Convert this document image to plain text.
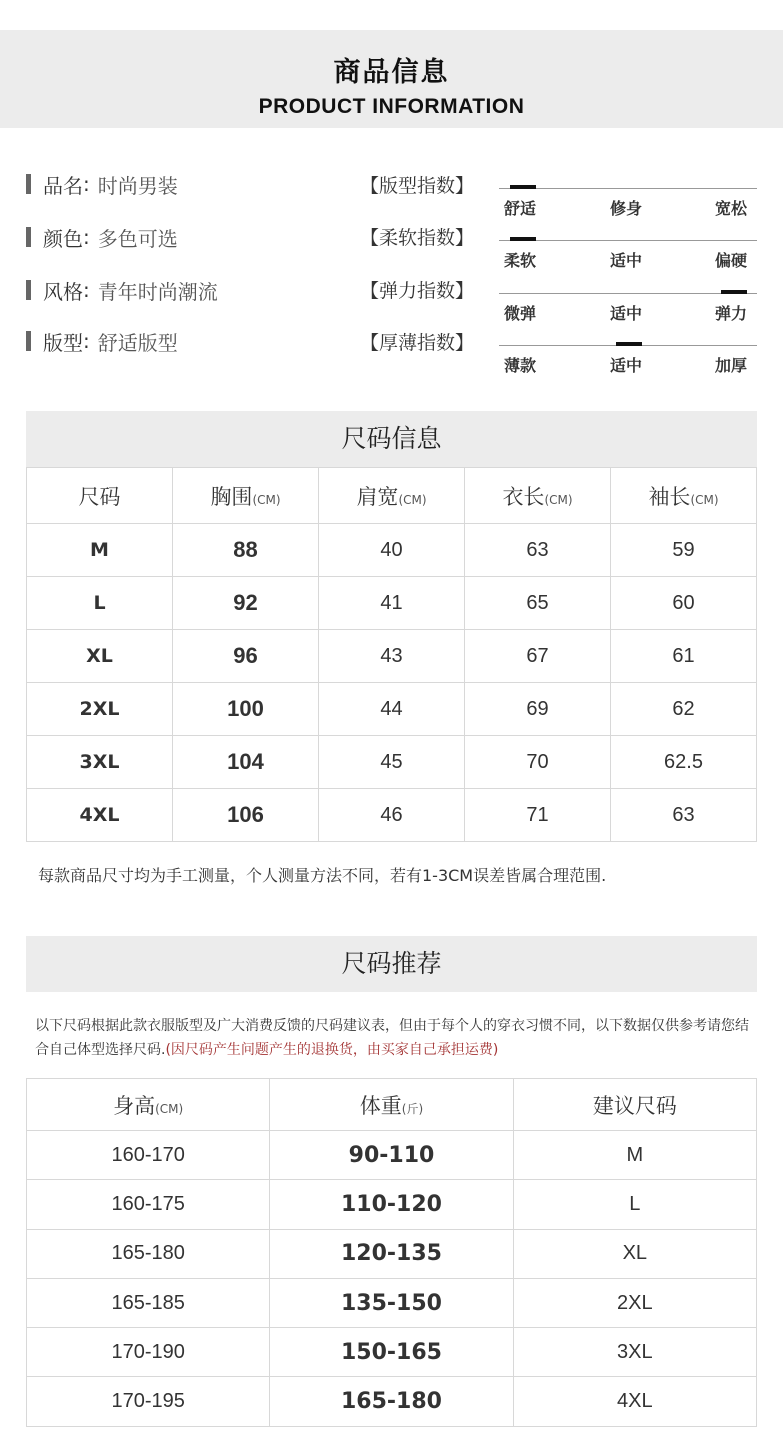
商品信息
PRODUCT INFORMATION
品名 : 时尚男装
颜色 : 多色可选
风格 : 青年时尚潮流
版型 : 舒适版型
【版型指数】
舒适	修身	宽松
【柔软指数】
柔软	适中	偏硬
【弹力指数】
微弹	适中	弹力
【厚薄指数】
薄款	适中	加厚
尺码信息
尺码	胸围(CM)	肩宽(CM)	衣长(CM)	袖长(CM)
M	88	40	63	59
L	92	41	65	60
XL	96	43	67	61
2XL	100	44	69	62
3XL	104	45	70	62.5
4XL	106	46	71	63
每款商品尺寸均为手工测量，个人测量方法不同，若有1-3CM误差皆属合理范围.
尺码推荐
以下尺码根据此款衣服版型及广大消费反馈的尺码建议表，但由于每个人的穿衣习惯不同，以下数据仅供参考请您结合自己体型选择尺码.(因尺码产生问题产生的退换货，由买家自己承担运费)
身高(CM)	体重(斤)	建议尺码
160-170	90-110	M
160-175	110-120	L
165-180	120-135	XL
165-185	135-150	2XL
170-190	150-165	3XL
170-195	165-180	4XL
